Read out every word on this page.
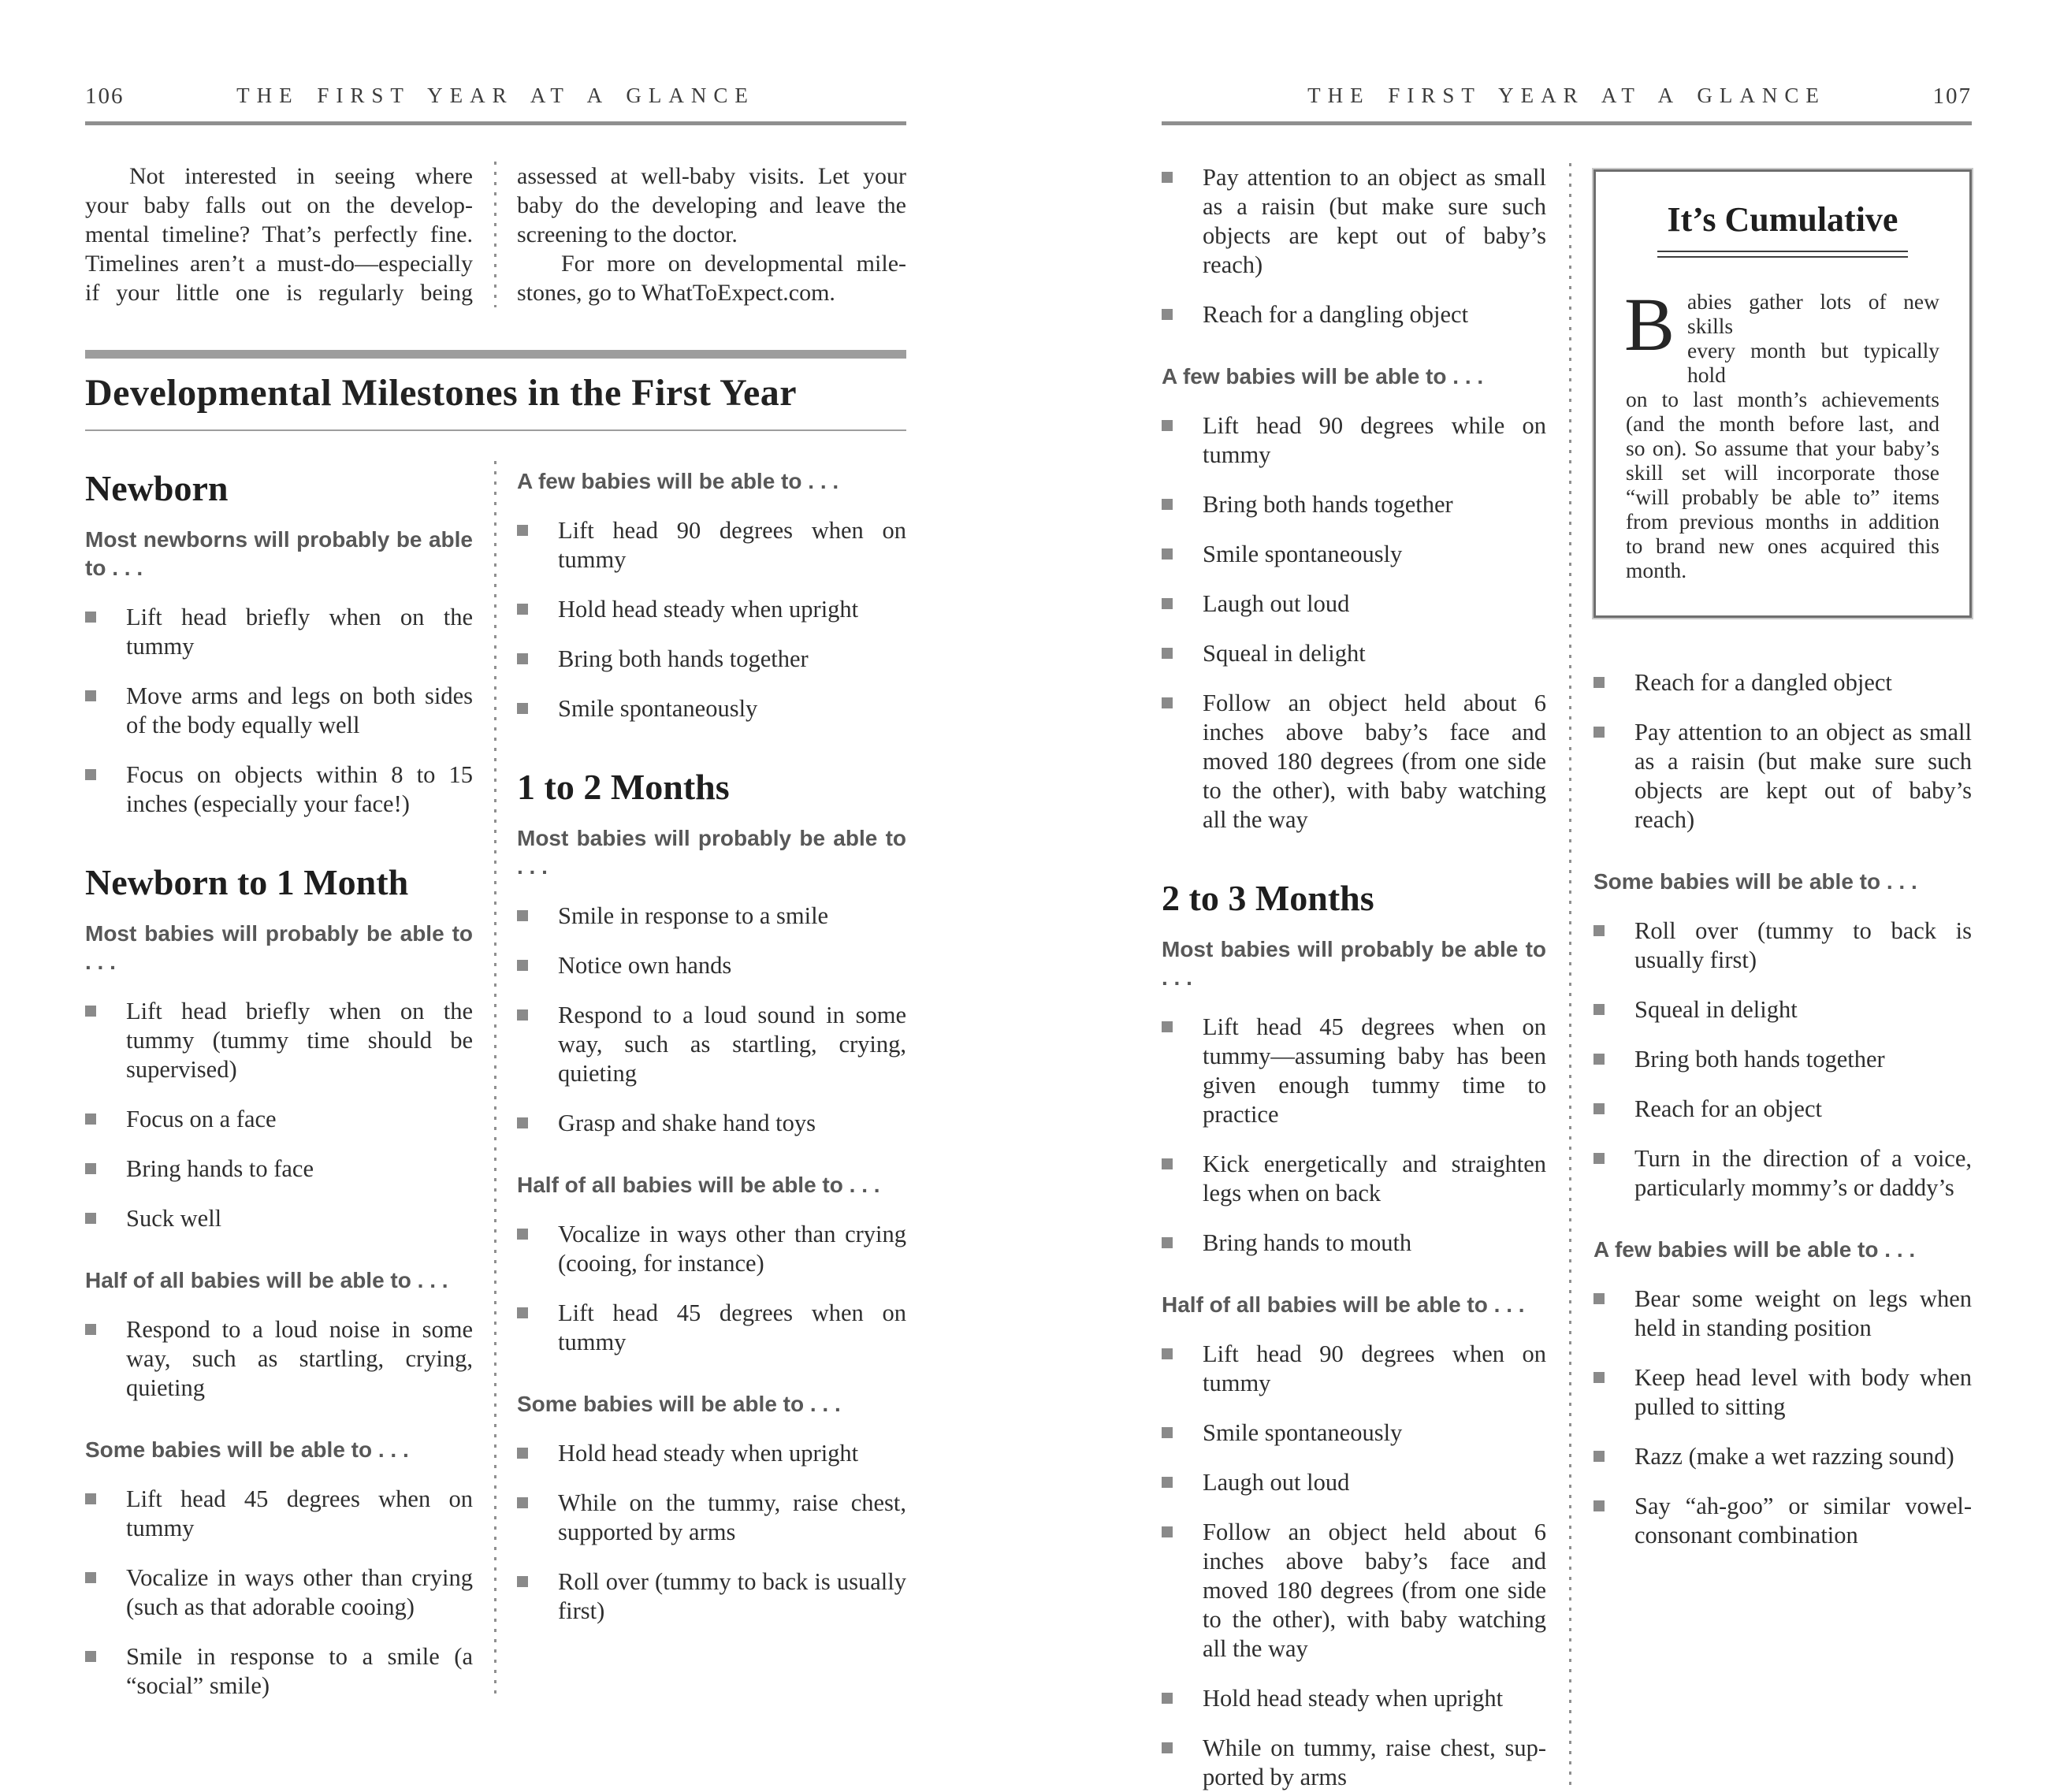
106	THE FIRST YEAR AT A GLANCE
Not interested in seeing where
your baby falls out on the develop-
mental timeline? That’s perfectly fine.
Timelines aren’t a must-do—especially
if your little one is regularly being
assessed at well-baby visits. Let your
baby do the developing and leave the
screening to the doctor.
For more on developmental mile-
stones, go to WhatToExpect.com.
Developmental Milestones in the First Year
Newborn
Most newborns will probably be able to . . .
Lift head briefly when on the tummy
Move arms and legs on both sides of the body equally well
Focus on objects within 8 to 15 inches (especially your face!)
Newborn to 1 Month
Most babies will probably be able to . . .
Lift head briefly when on the tummy (tummy time should be supervised)
Focus on a face
Bring hands to face
Suck well
Half of all babies will be able to . . .
Respond to a loud noise in some way, such as startling, crying, quieting
Some babies will be able to . . .
Lift head 45 degrees when on tummy
Vocalize in ways other than crying (such as that adorable cooing)
Smile in response to a smile (a “social” smile)
A few babies will be able to . . .
Lift head 90 degrees when on tummy
Hold head steady when upright
Bring both hands together
Smile spontaneously
1 to 2 Months
Most babies will probably be able to . . .
Smile in response to a smile
Notice own hands
Respond to a loud sound in some way, such as startling, crying, quieting
Grasp and shake hand toys
Half of all babies will be able to . . .
Vocalize in ways other than crying (cooing, for instance)
Lift head 45 degrees when on tummy
Some babies will be able to . . .
Hold head steady when upright
While on the tummy, raise chest, supported by arms
Roll over (tummy to back is usually first)
THE FIRST YEAR AT A GLANCE	107
Pay attention to an object as small as a raisin (but make sure such objects are kept out of baby’s reach)
Reach for a dangling object
A few babies will be able to . . .
Lift head 90 degrees while on tummy
Bring both hands together
Smile spontaneously
Laugh out loud
Squeal in delight
Follow an object held about 6 inches above baby’s face and moved 180 degrees (from one side to the other), with baby watching all the way
2 to 3 Months
Most babies will probably be able to . . .
Lift head 45 degrees when on tummy—assuming baby has been given enough tummy time to practice
Kick energetically and straighten legs when on back
Bring hands to mouth
Half of all babies will be able to . . .
Lift head 90 degrees when on tummy
Smile spontaneously
Laugh out loud
Follow an object held about 6 inches above baby’s face and moved 180 degrees (from one side to the other), with baby watching all the way
Hold head steady when upright
While on tummy, raise chest, supported by arms
It’s Cumulative
B abies gather lots of new skills
every month but typically hold
on to last month’s achievements
(and the month before last, and
so on). So assume that your baby’s
skill set will incorporate those
“will probably be able to” items
from previous months in addition
to brand new ones acquired this
month.
Reach for a dangled object
Pay attention to an object as small as a raisin (but make sure such objects are kept out of baby’s reach)
Some babies will be able to . . .
Roll over (tummy to back is usually first)
Squeal in delight
Bring both hands together
Reach for an object
Turn in the direction of a voice, particularly mommy’s or daddy’s
A few babies will be able to . . .
Bear some weight on legs when held in standing position
Keep head level with body when pulled to sitting
Razz (make a wet razzing sound)
Say “ah-goo” or similar vowel-consonant combination
